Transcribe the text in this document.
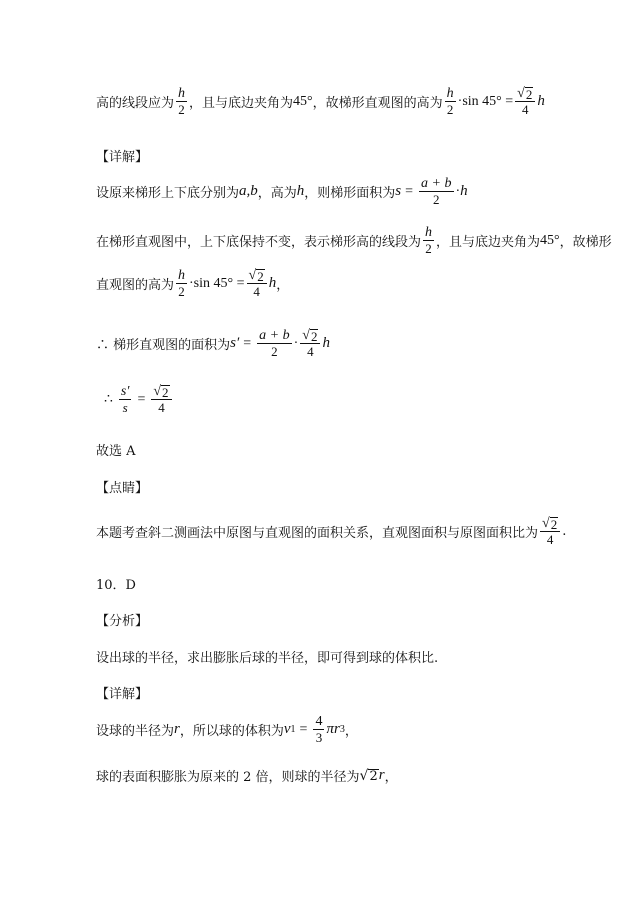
高的线段应为 $\frac{h}{2}$ ，且与底边夹角为 45° ，故梯形直观图的高为 $\frac{h}{2} \cdot\sin$ $45^\circ = \frac{√ 2}{4}$ h
【详解】
设原来梯形上下底分别为 a,b ，高为 h ，则梯形面积为 $s = \frac{a + b}{2} \cdot h$
在梯形直观图中，上下底保持不变，表示梯形高的线段为 $\frac{h}{2}$ ，且与底边夹角为 45° ，故梯形
直观图的高为 $\frac{h}{2} \cdot\sin$ $45^\circ = \frac{√ 2}{4}$ h ，
∴ 梯形直观图的面积为 $s' = \frac{a + b}{2} \cdot \frac{√ 2}{4}$ h
∴ $\frac{s'}{s} = \frac{√ 2}{4}$
故选 A
【点睛】
本题考查斜二测画法中原图与直观图的面积关系，直观图面积与原图面积比为 $\frac{√ 2}{4}$ .
10．D
【分析】
设出球的半径，求出膨胀后球的半径，即可得到球的体积比.
【详解】
设球的半径为 r ，所以球的体积为 v $1 = \frac{4}{3}$ πr 3 ，
球的表面积膨胀为原来的 2 倍，则球的半径为 √ 2 r ，
